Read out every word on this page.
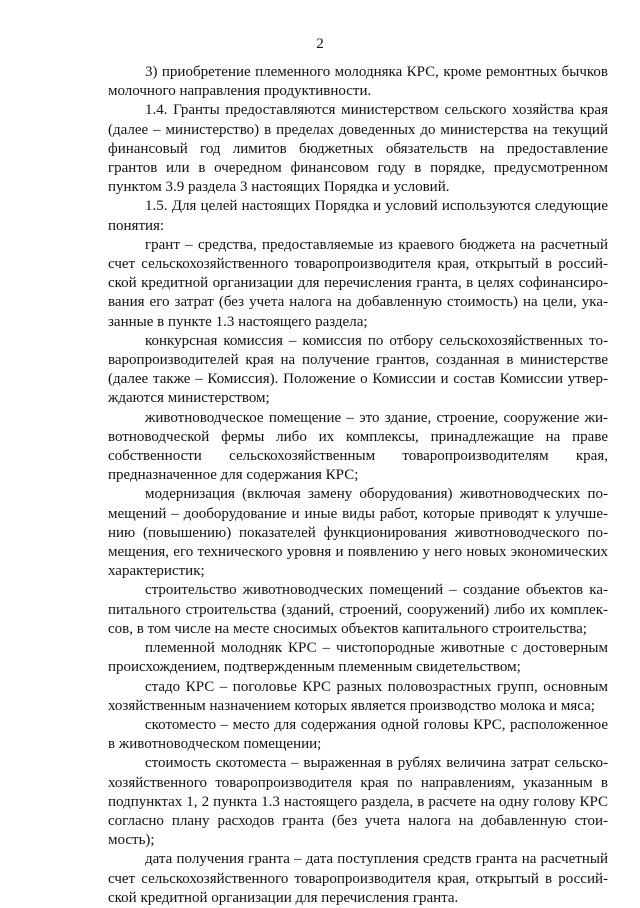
2

3) приобретение племенного молодняка КРС, кроме ремонтных бычков молочного направления продуктивности.

1.4. Гранты предоставляются министерством сельского хозяйства края (далее – министерство) в пределах доведенных до министерства на текущий финансовый год лимитов бюджетных обязательств на предоставление грантов или в очередном финансовом году в порядке, предусмотренном пунктом 3.9 раздела 3 настоящих Порядка и условий.

1.5. Для целей настоящих Порядка и условий используются следующие понятия:

грант – средства, предоставляемые из краевого бюджета на расчетный счет сельскохозяйственного товаропроизводителя края, открытый в российской кредитной организации для перечисления гранта, в целях софинансирования его затрат (без учета налога на добавленную стоимость) на цели, указанные в пункте 1.3 настоящего раздела;

конкурсная комиссия – комиссия по отбору сельскохозяйственных товаропроизводителей края на получение грантов, созданная в министерстве (далее также – Комиссия). Положение о Комиссии и состав Комиссии утверждаются министерством;

животноводческое помещение – это здание, строение, сооружение животноводческой фермы либо их комплексы, принадлежащие на праве собственности сельскохозяйственным товаропроизводителям края, предназначенное для содержания КРС;

модернизация (включая замену оборудования) животноводческих помещений – дооборудование и иные виды работ, которые приводят к улучшению (повышению) показателей функционирования животноводческого помещения, его технического уровня и появлению у него новых экономических характеристик;

строительство животноводческих помещений – создание объектов капитального строительства (зданий, строений, сооружений) либо их комплексов, в том числе на месте сносимых объектов капитального строительства;

племенной молодняк КРС – чистопородные животные с достоверным происхождением, подтвержденным племенным свидетельством;

стадо КРС – поголовье КРС разных половозрастных групп, основным хозяйственным назначением которых является производство молока и мяса;

скотоместо – место для содержания одной головы КРС, расположенное в животноводческом помещении;

стоимость скотоместа – выраженная в рублях величина затрат сельскохозяйственного товаропроизводителя края по направлениям, указанным в подпунктах 1, 2 пункта 1.3 настоящего раздела, в расчете на одну голову КРС согласно плану расходов гранта (без учета налога на добавленную стоимость);

дата получения гранта – дата поступления средств гранта на расчетный счет сельскохозяйственного товаропроизводителя края, открытый в российской кредитной организации для перечисления гранта.
